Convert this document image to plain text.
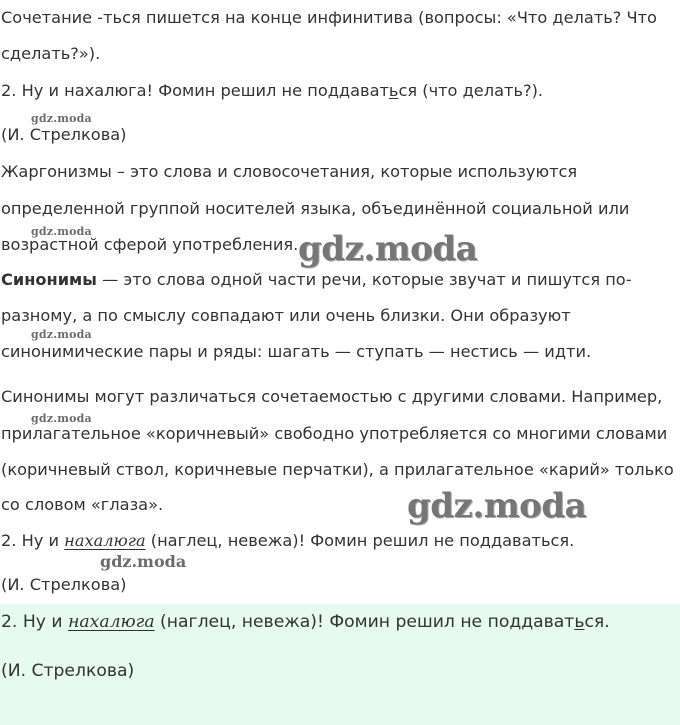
Сочетание -ться пишется на конце инфинитива (вопросы: «Что делать? Что
сделать?»).
2. Ну и нахалюга! Фомин решил не поддаваться (что делать?).
gdz.moda
(И. Стрелкова)
Жаргонизмы – это слова и словосочетания, которые используются
определенной группой носителей языка, объединённой социальной или
gdz.moda
возрастной сферой употребления. gdz.moda
Синонимы — это слова одной части речи, которые звучат и пишутся по-
разному, а по смыслу совпадают или очень близки. Они образуют
gdz.moda
синонимические пары и ряды: шагать — ступать — нестись — идти.
Синонимы могут различаться сочетаемостью с другими словами. Например,
gdz.moda
прилагательное «коричневый» свободно употребляется со многими словами
(коричневый ствол, коричневые перчатки), а прилагательное «карий» только
со словом «глаза».	gdz.moda
2. Ну и нахалюга (наглец, невежа)! Фомин решил не поддаваться.
gdz.moda
(И. Стрелкова)
2. Ну и нахалюга (наглец, невежа)! Фомин решил не поддаваться.
(И. Стрелкова)
